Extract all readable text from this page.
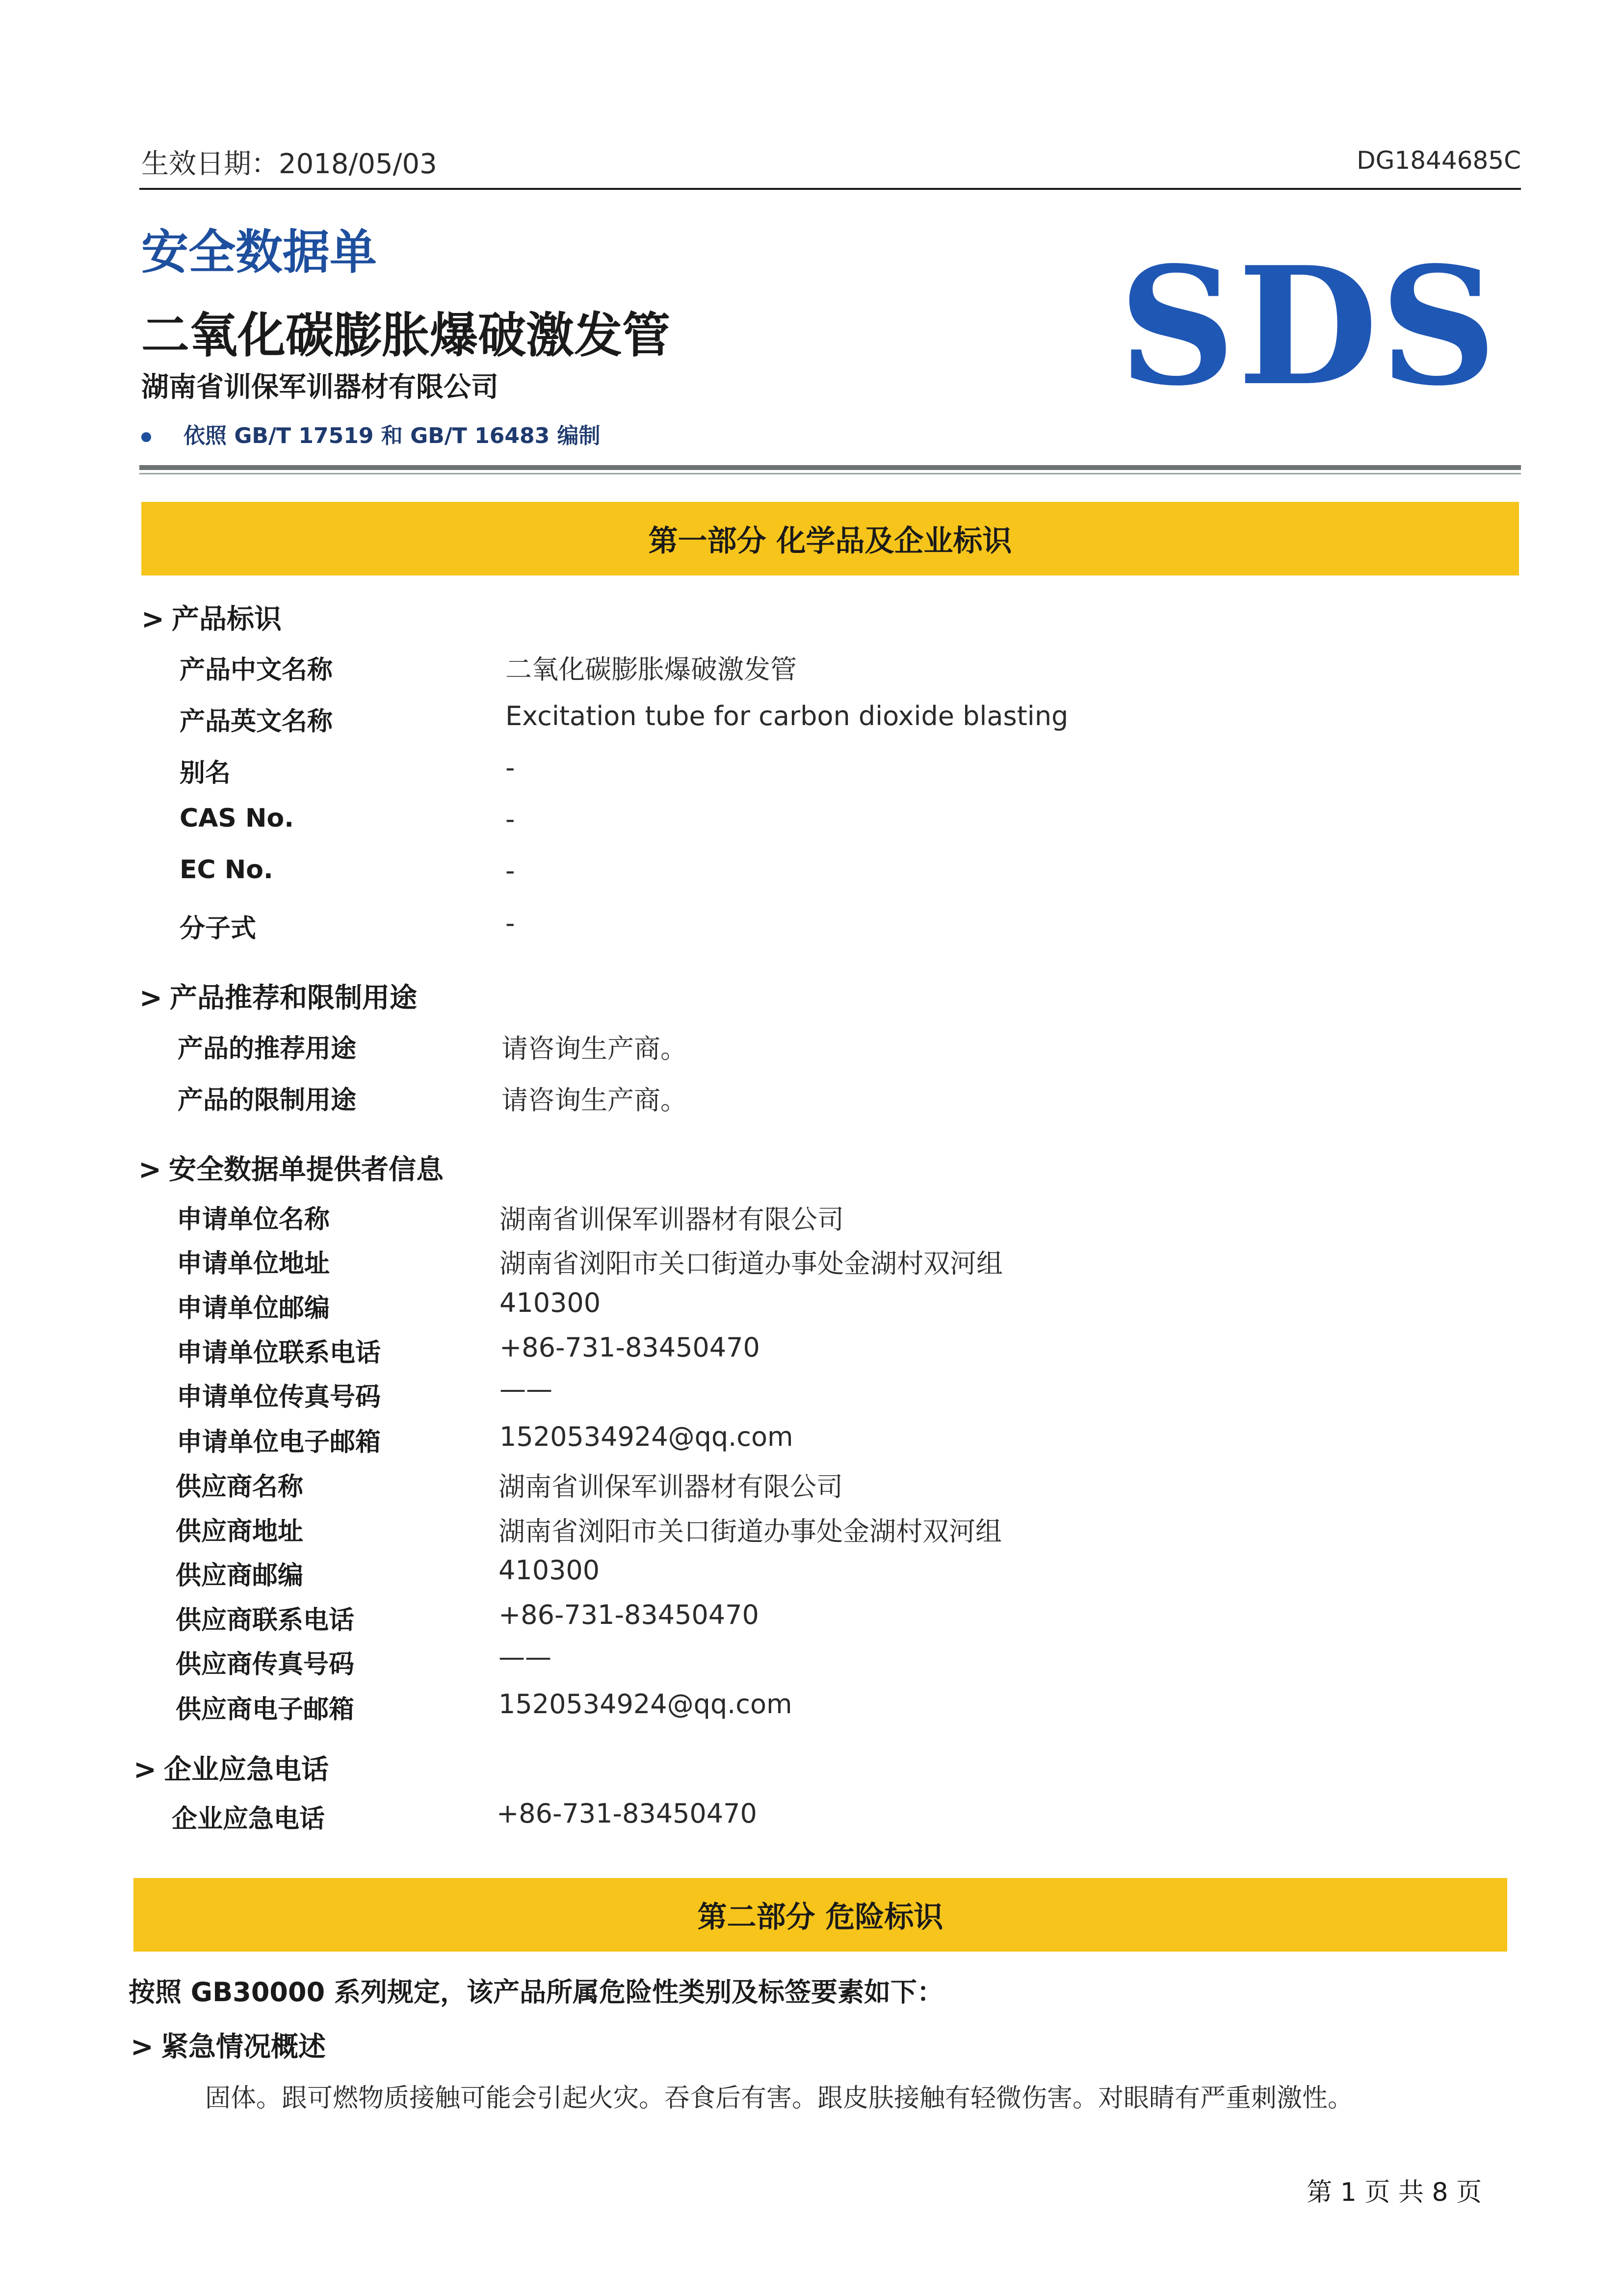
生效日期：2018/05/03	DG1844685C
安全数据单
二氧化碳膨胀爆破激发管
湖南省训保军训器材有限公司
依照 GB/T 17519 和 GB/T 16483 编制
SDS
第一部分 化学品及企业标识
> 产品标识
产品中文名称	二氧化碳膨胀爆破激发管
产品英文名称	Excitation tube for carbon dioxide blasting
别名	-
CAS No.	-
EC No.	-
分子式	-
> 产品推荐和限制用途
产品的推荐用途	请咨询生产商。
产品的限制用途	请咨询生产商。
> 安全数据单提供者信息
申请单位名称	湖南省训保军训器材有限公司
申请单位地址	湖南省浏阳市关口街道办事处金湖村双河组
申请单位邮编	410300
申请单位联系电话	+86-731-83450470
申请单位传真号码	——
申请单位电子邮箱	1520534924@qq.com
供应商名称	湖南省训保军训器材有限公司
供应商地址	湖南省浏阳市关口街道办事处金湖村双河组
供应商邮编	410300
供应商联系电话	+86-731-83450470
供应商传真号码	——
供应商电子邮箱	1520534924@qq.com
> 企业应急电话
企业应急电话	+86-731-83450470
第二部分 危险标识
按照 GB30000 系列规定，该产品所属危险性类别及标签要素如下：
> 紧急情况概述
固体。跟可燃物质接触可能会引起火灾。吞食后有害。跟皮肤接触有轻微伤害。对眼睛有严重刺激性。
第 1 页 共 8 页
